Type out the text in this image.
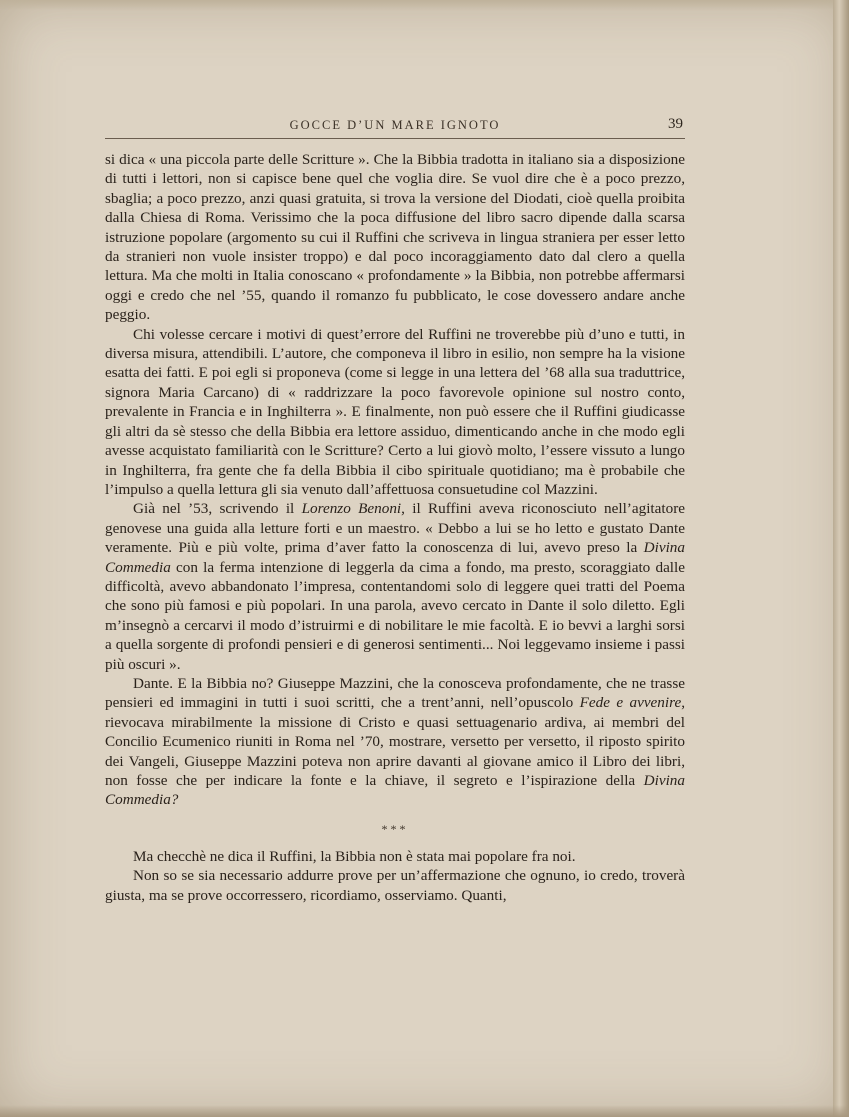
GOCCE D’UN MARE IGNOTO	39

si dica « una piccola parte delle Scritture ». Che la Bibbia tradotta in italiano sia a disposizione di tutti i lettori, non si capisce bene quel che voglia dire. Se vuol dire che è a poco prezzo, sbaglia; a poco prezzo, anzi quasi gratuita, si trova la versione del Diodati, cioè quella proibita dalla Chiesa di Roma. Verissimo che la poca diffusione del libro sacro dipende dalla scarsa istruzione popolare (argomento su cui il Ruffini che scriveva in lingua straniera per esser letto da stranieri non vuole insister troppo) e dal poco incoraggiamento dato dal clero a quella lettura. Ma che molti in Italia conoscano « profondamente » la Bibbia, non potrebbe affermarsi oggi e credo che nel ’55, quando il romanzo fu pubblicato, le cose dovessero andare anche peggio.

Chi volesse cercare i motivi di quest’errore del Ruffini ne troverebbe più d’uno e tutti, in diversa misura, attendibili. L’autore, che componeva il libro in esilio, non sempre ha la visione esatta dei fatti. E poi egli si proponeva (come si legge in una lettera del ’68 alla sua traduttrice, signora Maria Carcano) di « raddrizzare la poco favorevole opinione sul nostro conto, prevalente in Francia e in Inghilterra ». E finalmente, non può essere che il Ruffini giudicasse gli altri da sè stesso che della Bibbia era lettore assiduo, dimenticando anche in che modo egli avesse acquistato familiarità con le Scritture? Certo a lui giovò molto, l’essere vissuto a lungo in Inghilterra, fra gente che fa della Bibbia il cibo spirituale quotidiano; ma è probabile che l’impulso a quella lettura gli sia venuto dall’affettuosa consuetudine col Mazzini.

Già nel ’53, scrivendo il Lorenzo Benoni, il Ruffini aveva riconosciuto nell’agitatore genovese una guida alla letture forti e un maestro. « Debbo a lui se ho letto e gustato Dante veramente. Più e più volte, prima d’aver fatto la conoscenza di lui, avevo preso la Divina Commedia con la ferma intenzione di leggerla da cima a fondo, ma presto, scoraggiato dalle difficoltà, avevo abbandonato l’impresa, contentandomi solo di leggere quei tratti del Poema che sono più famosi e più popolari. In una parola, avevo cercato in Dante il solo diletto. Egli m’insegnò a cercarvi il modo d’istruirmi e di nobilitare le mie facoltà. E io bevvi a larghi sorsi a quella sorgente di profondi pensieri e di generosi sentimenti... Noi leggevamo insieme i passi più oscuri ».

Dante. E la Bibbia no? Giuseppe Mazzini, che la conosceva profondamente, che ne trasse pensieri ed immagini in tutti i suoi scritti, che a trent’anni, nell’opuscolo Fede e avvenire, rievocava mirabilmente la missione di Cristo e quasi settuagenario ardiva, ai membri del Concilio Ecumenico riuniti in Roma nel ’70, mostrare, versetto per versetto, il riposto spirito dei Vangeli, Giuseppe Mazzini poteva non aprire davanti al giovane amico il Libro dei libri, non fosse che per indicare la fonte e la chiave, il segreto e l’ispirazione della Divina Commedia?

***

Ma checchè ne dica il Ruffini, la Bibbia non è stata mai popolare fra noi.

Non so se sia necessario addurre prove per un’affermazione che ognuno, io credo, troverà giusta, ma se prove occorressero, ricordiamo, osserviamo. Quanti,
